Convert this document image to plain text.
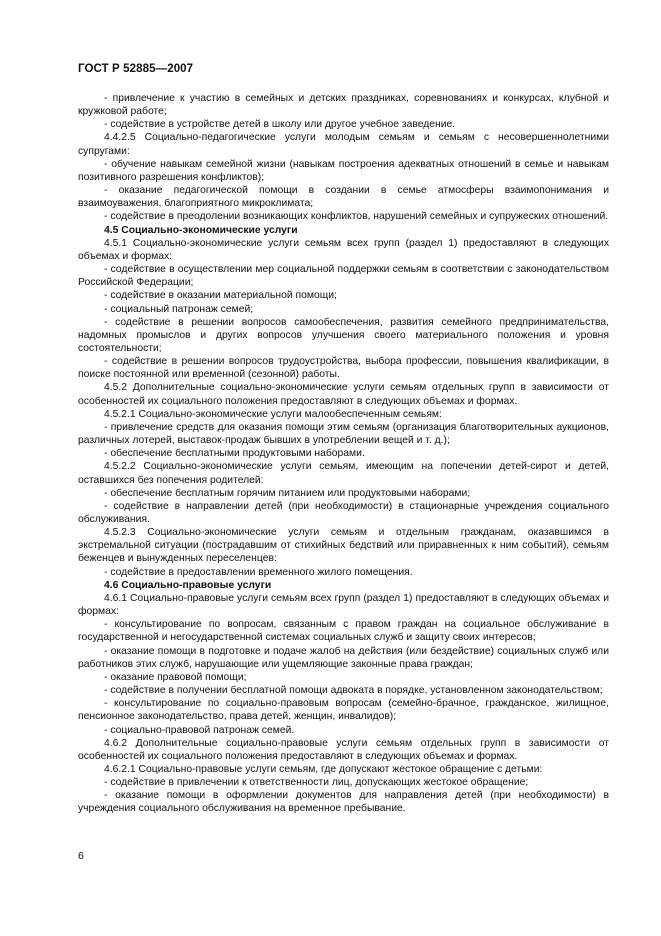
ГОСТ Р 52885—2007

- привлечение к участию в семейных и детских праздниках, соревнованиях и конкурсах, клубной и кружковой работе;

- содействие в устройстве детей в школу или другое учебное заведение.

4.4.2.5 Социально-педагогические услуги молодым семьям и семьям с несовершеннолетними супругами:

- обучение навыкам семейной жизни (навыкам построения адекватных отношений в семье и навыкам позитивного разрешения конфликтов);

- оказание педагогической помощи в создании в семье атмосферы взаимопонимания и взаимоуважения, благоприятного микроклимата;

- содействие в преодолении возникающих конфликтов, нарушений семейных и супружеских отношений.

4.5 Социально-экономические услуги

4.5.1 Социально-экономические услуги семьям всех групп (раздел 1) предоставляют в следующих объемах и формах:

- содействие в осуществлении мер социальной поддержки семьям в соответствии с законодательством Российской Федерации;

- содействие в оказании материальной помощи;

- социальный патронаж семей;

- содействие в решении вопросов самообеспечения, развития семейного предпринимательства, надомных промыслов и других вопросов улучшения своего материального положения и уровня состоятельности;

- содействие в решении вопросов трудоустройства, выбора профессии, повышения квалификации, в поиске постоянной или временной (сезонной) работы.

4.5.2 Дополнительные социально-экономические услуги семьям отдельных групп в зависимости от особенностей их социального положения предоставляют в следующих объемах и формах.

4.5.2.1 Социально-экономические услуги малообеспеченным семьям:

- привлечение средств для оказания помощи этим семьям (организация благотворительных аукционов, различных лотерей, выставок-продаж бывших в употреблении вещей и т. д.);

- обеспечение бесплатными продуктовыми наборами.

4.5.2.2 Социально-экономические услуги семьям, имеющим на попечении детей-сирот и детей, оставшихся без попечения родителей:

- обеспечение бесплатным горячим питанием или продуктовыми наборами;

- содействие в направлении детей (при необходимости) в стационарные учреждения социального обслуживания.

4.5.2.3 Социально-экономические услуги семьям и отдельным гражданам, оказавшимся в экстремальной ситуации (пострадавшим от стихийных бедствий или приравненных к ним событий), семьям беженцев и вынужденных переселенцев:

- содействие в предоставлении временного жилого помещения.

4.6 Социально-правовые услуги

4.6.1 Социально-правовые услуги семьям всех групп (раздел 1) предоставляют в следующих объемах и формах:

- консультирование по вопросам, связанным с правом граждан на социальное обслуживание в государственной и негосударственной системах социальных служб и защиту своих интересов;

- оказание помощи в подготовке и подаче жалоб на действия (или бездействие) социальных служб или работников этих служб, нарушающие или ущемляющие законные права граждан;

- оказание правовой помощи;

- содействие в получении бесплатной помощи адвоката в порядке, установленном законодательством;

- консультирование по социально-правовым вопросам (семейно-брачное, гражданское, жилищное, пенсионное законодательство, права детей, женщин, инвалидов);

- социально-правовой патронаж семей.

4.6.2 Дополнительные социально-правовые услуги семьям отдельных групп в зависимости от особенностей их социального положения предоставляют в следующих объемах и формах.

4.6.2.1 Социально-правовые услуги семьям, где допускают жестокое обращение с детьми:

- содействие в привлечении к ответственности лиц, допускающих жестокое обращение;

- оказание помощи в оформлении документов для направления детей (при необходимости) в учреждения социального обслуживания на временное пребывание.

6
